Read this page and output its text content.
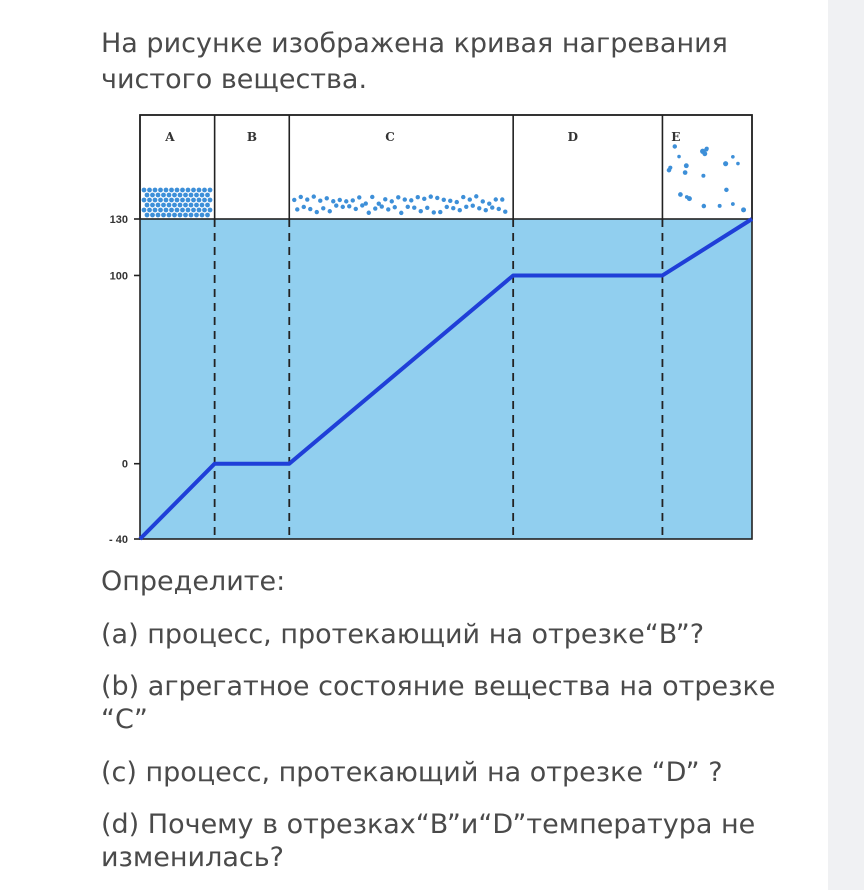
На рисунке изображена кривая нагревания чистого вещества.

A	B	C	D	E
130
100
0
- 40

Определите:

(a) процесс, протекающий на отрезке“B”?

(b) агрегатное состояние вещества на отрезке “С”

(c) процесс, протекающий на отрезке “D” ?

(d) Почему в отрезках“B”и“D”температура не изменилась?
